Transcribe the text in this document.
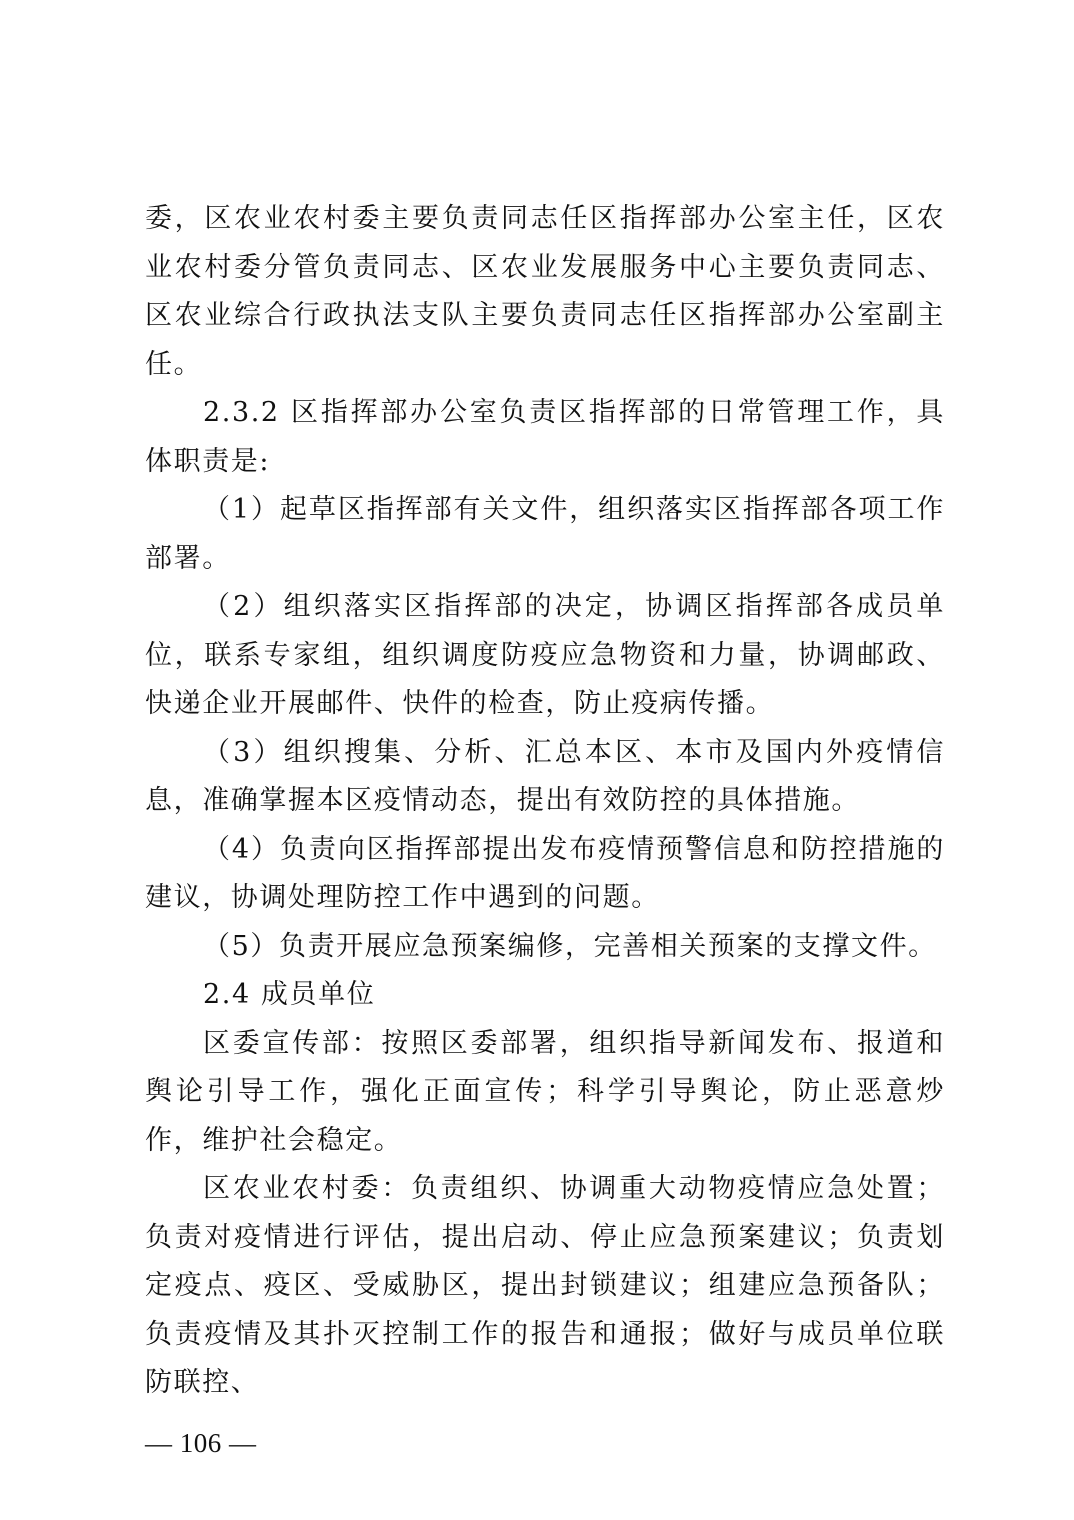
委，区农业农村委主要负责同志任区指挥部办公室主任，区农业农村委分管负责同志、区农业发展服务中心主要负责同志、区农业综合行政执法支队主要负责同志任区指挥部办公室副主任。

2.3.2 区指挥部办公室负责区指挥部的日常管理工作，具体职责是:

（1）起草区指挥部有关文件，组织落实区指挥部各项工作部署。

（2）组织落实区指挥部的决定，协调区指挥部各成员单位，联系专家组，组织调度防疫应急物资和力量，协调邮政、快递企业开展邮件、快件的检查，防止疫病传播。

（3）组织搜集、分析、汇总本区、本市及国内外疫情信息，准确掌握本区疫情动态，提出有效防控的具体措施。

（4）负责向区指挥部提出发布疫情预警信息和防控措施的建议，协调处理防控工作中遇到的问题。

（5）负责开展应急预案编修，完善相关预案的支撑文件。

2.4 成员单位

区委宣传部：按照区委部署，组织指导新闻发布、报道和舆论引导工作，强化正面宣传；科学引导舆论，防止恶意炒作，维护社会稳定。

区农业农村委：负责组织、协调重大动物疫情应急处置；负责对疫情进行评估，提出启动、停止应急预案建议；负责划定疫点、疫区、受威胁区，提出封锁建议；组建应急预备队；负责疫情及其扑灭控制工作的报告和通报；做好与成员单位联防联控、

— 106 —
